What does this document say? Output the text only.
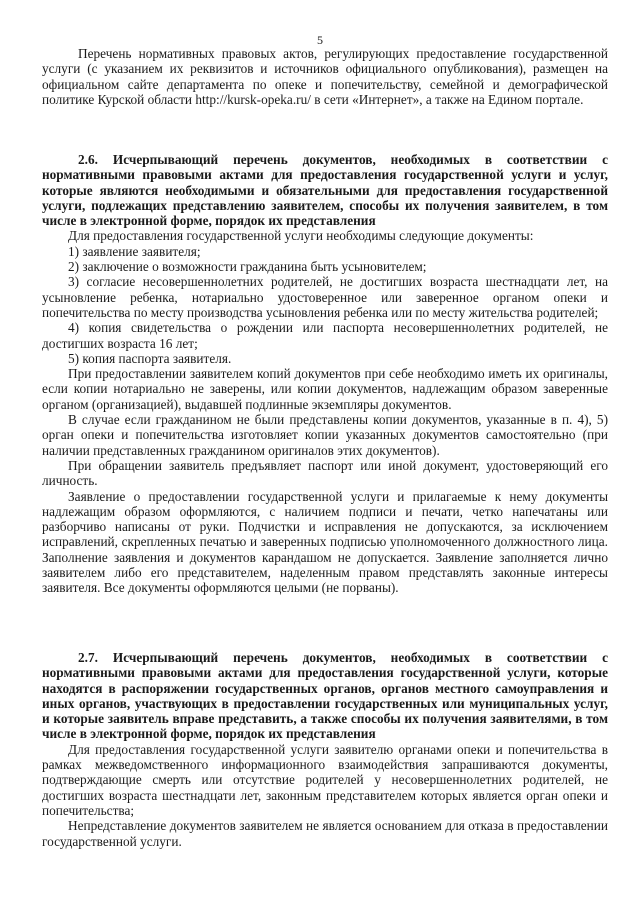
5

Перечень нормативных правовых актов, регулирующих предоставление государственной услуги (с указанием их реквизитов и источников официального опубликования), размещен на официальном сайте департамента по опеке и попечительству, семейной и демографической политике Курской области http://kursk-opeka.ru/ в сети «Интернет», а также на Едином портале.

2.6. Исчерпывающий перечень документов, необходимых в соответствии с нормативными правовыми актами для предоставления государственной услуги и услуг, которые являются необходимыми и обязательными для предоставления государственной услуги, подлежащих представлению заявителем, способы их получения заявителем, в том числе в электронной форме, порядок их представления

Для предоставления государственной услуги необходимы следующие документы:

1) заявление заявителя;

2) заключение о возможности гражданина быть усыновителем;

3) согласие несовершеннолетних родителей, не достигших возраста шестнадцати лет, на усыновление ребенка, нотариально удостоверенное или заверенное органом опеки и попечительства по месту производства усыновления ребенка или по месту жительства родителей;

4) копия свидетельства о рождении или паспорта несовершеннолетних родителей, не достигших возраста 16 лет;

5) копия паспорта заявителя.

При предоставлении заявителем копий документов при себе необходимо иметь их оригиналы, если копии нотариально не заверены, или копии документов, надлежащим образом заверенные органом (организацией), выдавшей подлинные экземпляры документов.

В случае если гражданином не были представлены копии документов, указанные в п. 4), 5) орган опеки и попечительства изготовляет копии указанных документов самостоятельно (при наличии представленных гражданином оригиналов этих документов).

При обращении заявитель предъявляет паспорт или иной документ, удостоверяющий его личность.

Заявление о предоставлении государственной услуги и прилагаемые к нему документы надлежащим образом оформляются, с наличием подписи и печати, четко напечатаны или разборчиво написаны от руки. Подчистки и исправления не допускаются, за исключением исправлений, скрепленных печатью и заверенных подписью уполномоченного должностного лица. Заполнение заявления и документов карандашом не допускается. Заявление заполняется лично заявителем либо его представителем, наделенным правом представлять законные интересы заявителя. Все документы оформляются целыми (не порваны).

2.7. Исчерпывающий перечень документов, необходимых в соответствии с нормативными правовыми актами для предоставления государственной услуги, которые находятся в распоряжении государственных органов, органов местного самоуправления и иных органов, участвующих в предоставлении государственных или муниципальных услуг, и которые заявитель вправе представить, а также способы их получения заявителями, в том числе в электронной форме, порядок их представления

Для предоставления государственной услуги заявителю органами опеки и попечительства в рамках межведомственного информационного взаимодействия запрашиваются документы, подтверждающие смерть или отсутствие родителей у несовершеннолетних родителей, не достигших возраста шестнадцати лет, законным представителем которых является орган опеки и попечительства;

Непредставление документов заявителем не является основанием для отказа в предоставлении государственной услуги.
